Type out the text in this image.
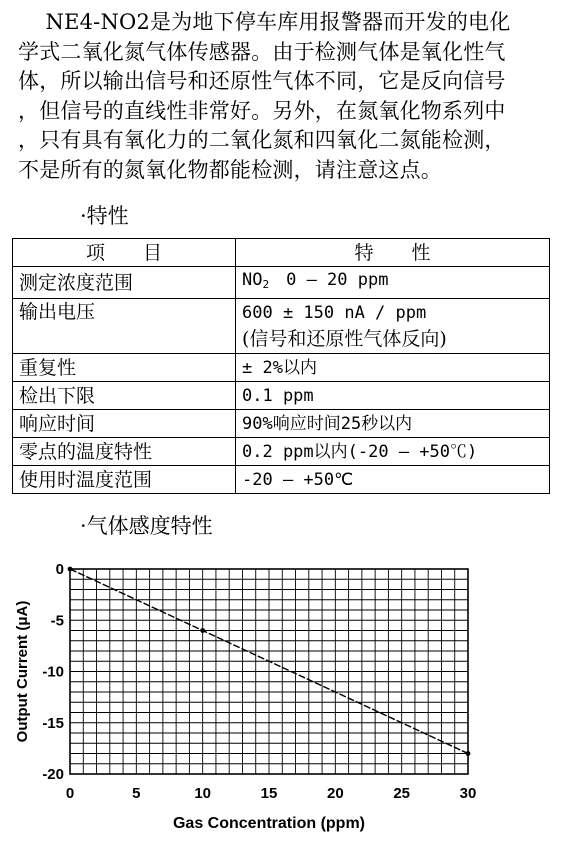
NE4-NO2是为地下停车库用报警器而开发的电化

学式二氧化氮气体传感器。由于检测气体是氧化性气

体，所以输出信号和还原性气体不同，它是反向信号

，但信号的直线性非常好。另外，在氮氧化物系列中

，只有具有氧化力的二氧化氮和四氧化二氮能检测，

不是所有的氮氧化物都能检测，请注意这点。

·特性
项　　目	特　　性
测定浓度范围	$NO_2$　0 – 20 ppm
输出电压	600 ± 150 nA / ppm
(信号和还原性气体反向)

重复性	± 2%以内
检出下限	0.1 ppm
响应时间	90%响应时间25秒以内
零点的温度特性	0.2 ppm以内(-20 – +50℃)
使用时温度范围	-20 – +50℃
·气体感度特性
0	5	10	15	20	25	30
0
-5
-10
-15
-20
Gas Concentration (ppm)
Output Current (μA)
